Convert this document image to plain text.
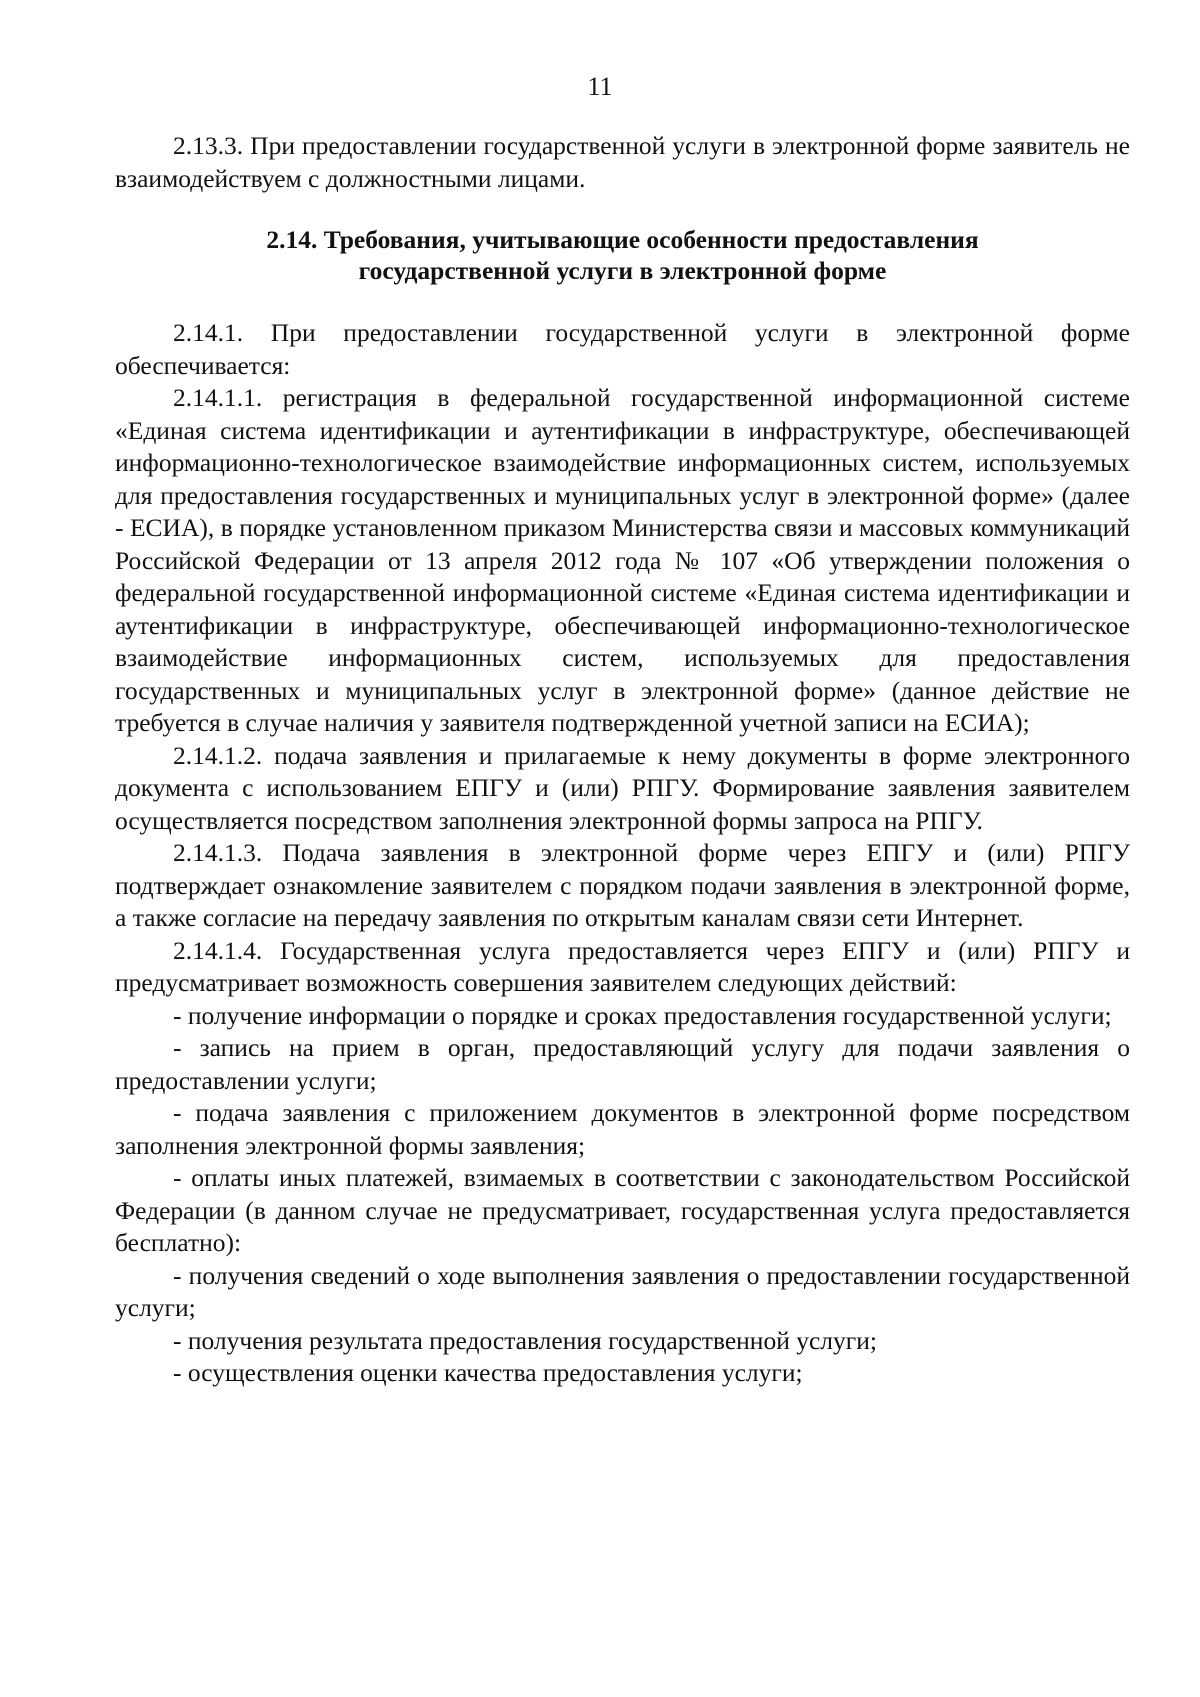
11

2.13.3. При предоставлении государственной услуги в электронной форме заявитель не взаимодействуем с должностными лицами.

2.14. Требования, учитывающие особенности предоставления
государственной услуги в электронной форме

2.14.1. При предоставлении государственной услуги в электронной форме обеспечивается:

2.14.1.1. регистрация в федеральной государственной информационной системе «Единая система идентификации и аутентификации в инфраструктуре, обеспечивающей информационно-технологическое взаимодействие информационных систем, используемых для предоставления государственных и муниципальных услуг в электронной форме» (далее - ЕСИА), в порядке установленном приказом Министерства связи и массовых коммуникаций Российской Федерации от 13 апреля 2012 года № 107 «Об утверждении положения о федеральной государственной информационной системе «Единая система идентификации и аутентификации в инфраструктуре, обеспечивающей информационно-технологическое взаимодействие информационных систем, используемых для предоставления государственных и муниципальных услуг в электронной форме» (данное действие не требуется в случае наличия у заявителя подтвержденной учетной записи на ЕСИА);

2.14.1.2. подача заявления и прилагаемые к нему документы в форме электронного документа с использованием ЕПГУ и (или) РПГУ. Формирование заявления заявителем осуществляется посредством заполнения электронной формы запроса на РПГУ.

2.14.1.3. Подача заявления в электронной форме через ЕПГУ и (или) РПГУ подтверждает ознакомление заявителем с порядком подачи заявления в электронной форме, а также согласие на передачу заявления по открытым каналам связи сети Интернет.

2.14.1.4. Государственная услуга предоставляется через ЕПГУ и (или) РПГУ и предусматривает возможность совершения заявителем следующих действий:

- получение информации о порядке и сроках предоставления государственной услуги;

- запись на прием в орган, предоставляющий услугу для подачи заявления о предоставлении услуги;

- подача заявления с приложением документов в электронной форме посредством заполнения электронной формы заявления;

- оплаты иных платежей, взимаемых в соответствии с законодательством Российской Федерации (в данном случае не предусматривает, государственная услуга предоставляется бесплатно):

- получения сведений о ходе выполнения заявления о предоставлении государственной услуги;

- получения результата предоставления государственной услуги;

- осуществления оценки качества предоставления услуги;
